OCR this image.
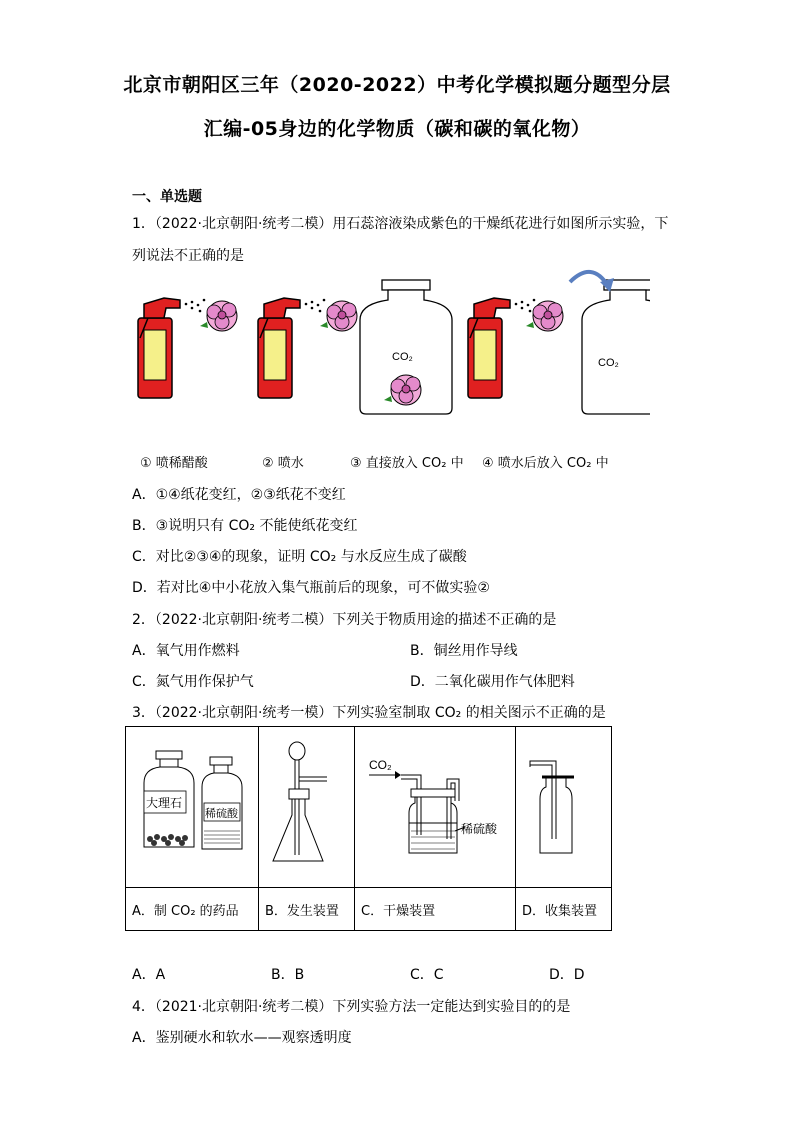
北京市朝阳区三年（2020-2022）中考化学模拟题分题型分层
汇编-05身边的化学物质（碳和碳的氧化物）
一、单选题
1．（2022·北京朝阳·统考二模）用石蕊溶液染成紫色的干燥纸花进行如图所示实验，下
列说法不正确的是
CO₂	CO₂
① 喷稀醋酸	② 喷水	③ 直接放入 CO₂ 中 ④ 喷水后放入 CO₂ 中
A．①④纸花变红，②③纸花不变红
B．③说明只有 CO₂ 不能使纸花变红
C．对比②③④的现象，证明 CO₂ 与水反应生成了碳酸
D．若对比④中小花放入集气瓶前后的现象，可不做实验②
2．（2022·北京朝阳·统考二模）下列关于物质用途的描述不正确的是
A．氧气用作燃料	B．铜丝用作导线
C．氮气用作保护气	D．二氧化碳用作气体肥料
3．（2022·北京朝阳·统考一模）下列实验室制取 CO₂ 的相关图示不正确的是
大理石
稀硫酸		CO₂
稀硫酸

A．制 CO₂ 的药品	B．发生装置	C．干燥装置	D．收集装置
A．A	B．B	C．C	D．D
4．（2021·北京朝阳·统考二模）下列实验方法一定能达到实验目的的是
A．鉴别硬水和软水——观察透明度
